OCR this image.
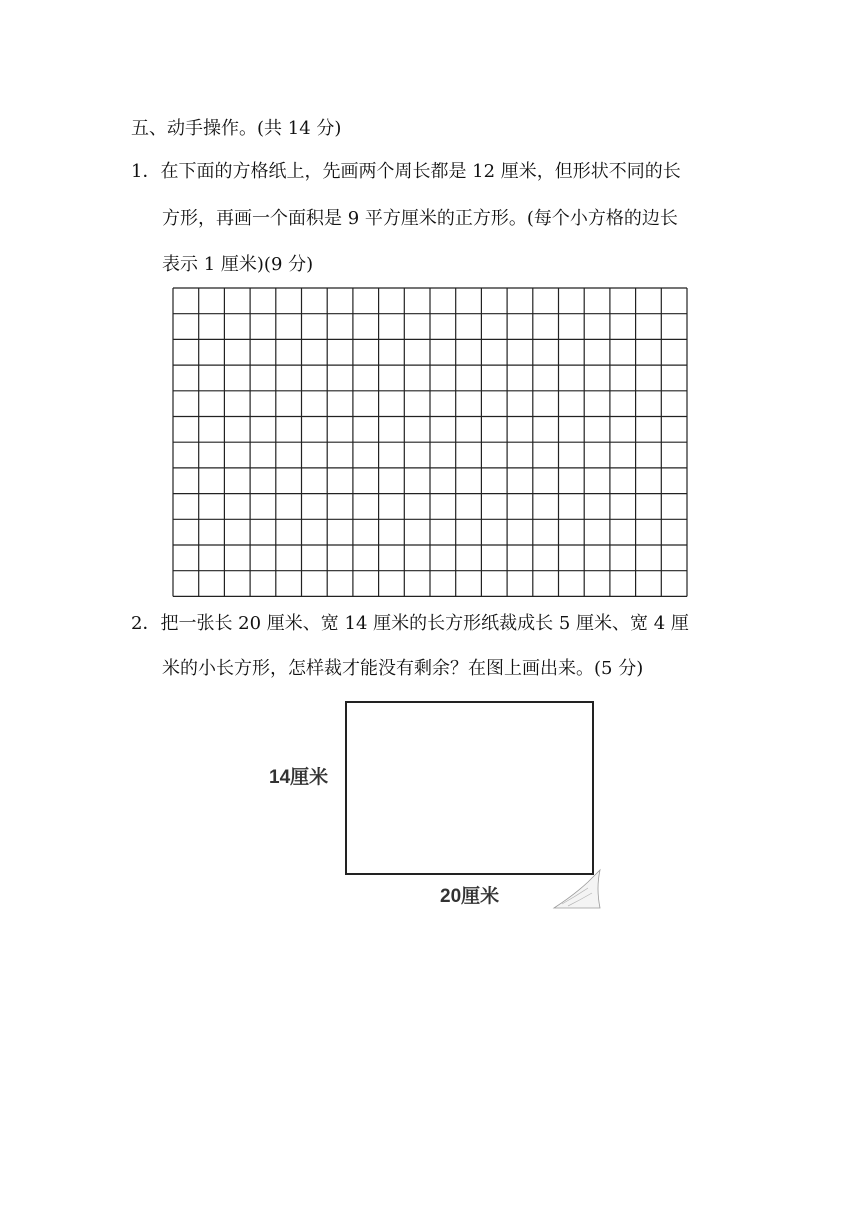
五、动手操作。(共 14 分)
1．在下面的方格纸上，先画两个周长都是 12 厘米，但形状不同的长
方形，再画一个面积是 9 平方厘米的正方形。(每个小方格的边长
表示 1 厘米)(9 分)
2．把一张长 20 厘米、宽 14 厘米的长方形纸裁成长 5 厘米、宽 4 厘
米的小长方形，怎样裁才能没有剩余？在图上画出来。(5 分)
14厘米
20厘米
